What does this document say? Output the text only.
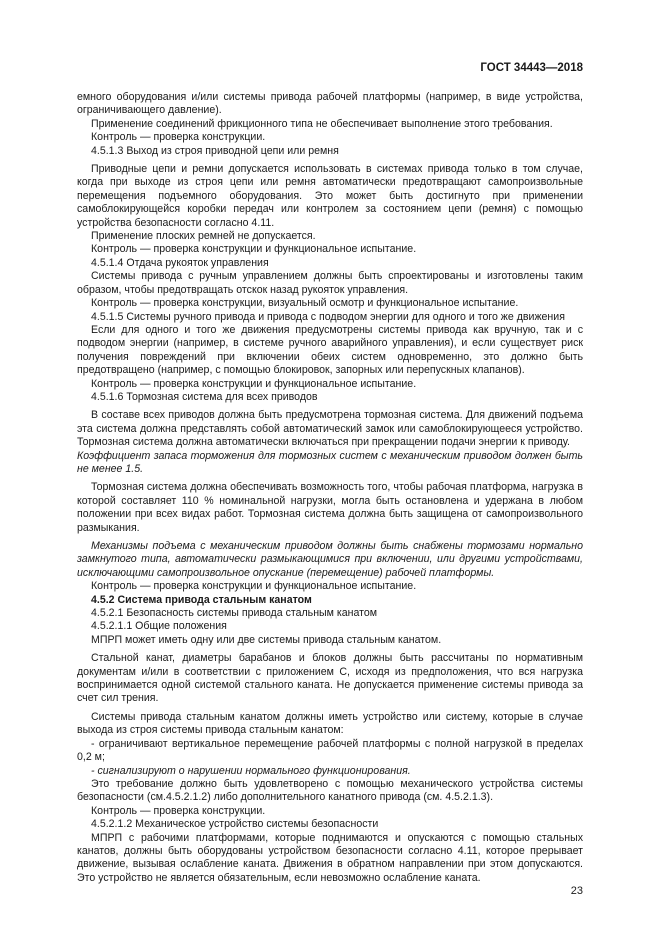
ГОСТ 34443—2018

емного оборудования и/или системы привода рабочей платформы (например, в виде устройства, ограничивающего давление).

Применение соединений фрикционного типа не обеспечивает выполнение этого требования.

Контроль — проверка конструкции.

4.5.1.3 Выход из строя приводной цепи или ремня

Приводные цепи и ремни допускается использовать в системах привода только в том случае, когда при выходе из строя цепи или ремня автоматически предотвращают самопроизвольные перемещения подъемного оборудования. Это может быть достигнуто при применении самоблокирующейся коробки передач или контролем за состоянием цепи (ремня) с помощью устройства безопасности согласно 4.11.

Применение плоских ремней не допускается.

Контроль — проверка конструкции и функциональное испытание.

4.5.1.4 Отдача рукояток управления

Системы привода с ручным управлением должны быть спроектированы и изготовлены таким образом, чтобы предотвращать отскок назад рукояток управления.

Контроль — проверка конструкции, визуальный осмотр и функциональное испытание.

4.5.1.5 Системы ручного привода и привода с подводом энергии для одного и того же движения

Если для одного и того же движения предусмотрены системы привода как вручную, так и с подводом энергии (например, в системе ручного аварийного управления), и если существует риск получения повреждений при включении обеих систем одновременно, это должно быть предотвращено (например, с помощью блокировок, запорных или перепускных клапанов).

Контроль — проверка конструкции и функциональное испытание.

4.5.1.6 Тормозная система для всех приводов

В составе всех приводов должна быть предусмотрена тормозная система. Для движений подъема эта система должна представлять собой автоматический замок или самоблокирующееся устройство. Тормозная система должна автоматически включаться при прекращении подачи энергии к приводу.

Коэффициент запаса торможения для тормозных систем с механическим приводом должен быть не менее 1.5.

Тормозная система должна обеспечивать возможность того, чтобы рабочая платформа, нагрузка в которой составляет 110 % номинальной нагрузки, могла быть остановлена и удержана в любом положении при всех видах работ. Тормозная система должна быть защищена от самопроизвольного размыкания.

Механизмы подъема с механическим приводом должны быть снабжены тормозами нормально замкнутого типа, автоматически размыкающимися при включении, или другими устройствами, исключающими самопроизвольное опускание (перемещение) рабочей платформы.

Контроль — проверка конструкции и функциональное испытание.

4.5.2 Система привода стальным канатом

4.5.2.1 Безопасность системы привода стальным канатом

4.5.2.1.1 Общие положения

МПРП может иметь одну или две системы привода стальным канатом.

Стальной канат, диаметры барабанов и блоков должны быть рассчитаны по нормативным документам и/или в соответствии с приложением С, исходя из предположения, что вся нагрузка воспринимается одной системой стального каната. Не допускается применение системы привода за счет сил трения.

Системы привода стальным канатом должны иметь устройство или систему, которые в случае выхода из строя системы привода стальным канатом:

- ограничивают вертикальное перемещение рабочей платформы с полной нагрузкой в пределах 0,2 м;

- сигнализируют о нарушении нормального функционирования.

Это требование должно быть удовлетворено с помощью механического устройства системы безопасности (см.4.5.2.1.2) либо дополнительного канатного привода (см. 4.5.2.1.3).

Контроль — проверка конструкции.

4.5.2.1.2 Механическое устройство системы безопасности

МПРП с рабочими платформами, которые поднимаются и опускаются с помощью стальных канатов, должны быть оборудованы устройством безопасности согласно 4.11, которое прерывает движение, вызывая ослабление каната. Движения в обратном направлении при этом допускаются. Это устройство не является обязательным, если невозможно ослабление каната.

23
